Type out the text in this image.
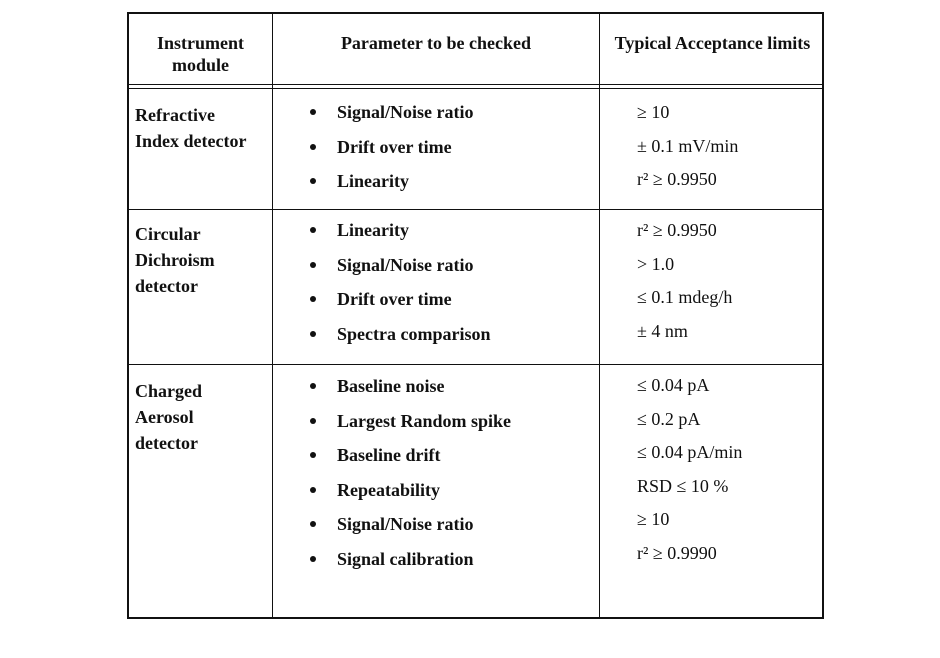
Instrument module
Parameter to be checked	Typical Acceptance limits
Refractive
Index detector
Signal/Noise ratio
Drift over time
Linearity
≥ 10
± 0.1 mV/min
r² ≥ 0.9950
Circular
Dichroism
detector
Linearity
Signal/Noise ratio
Drift over time
Spectra comparison
r² ≥ 0.9950
> 1.0
≤ 0.1 mdeg/h
± 4 nm
Charged
Aerosol
detector
Baseline noise
Largest Random spike
Baseline drift
Repeatability
Signal/Noise ratio
Signal calibration
≤ 0.04 pA
≤ 0.2 pA
≤ 0.04 pA/min
RSD ≤ 10 %
≥ 10
r² ≥ 0.9990
